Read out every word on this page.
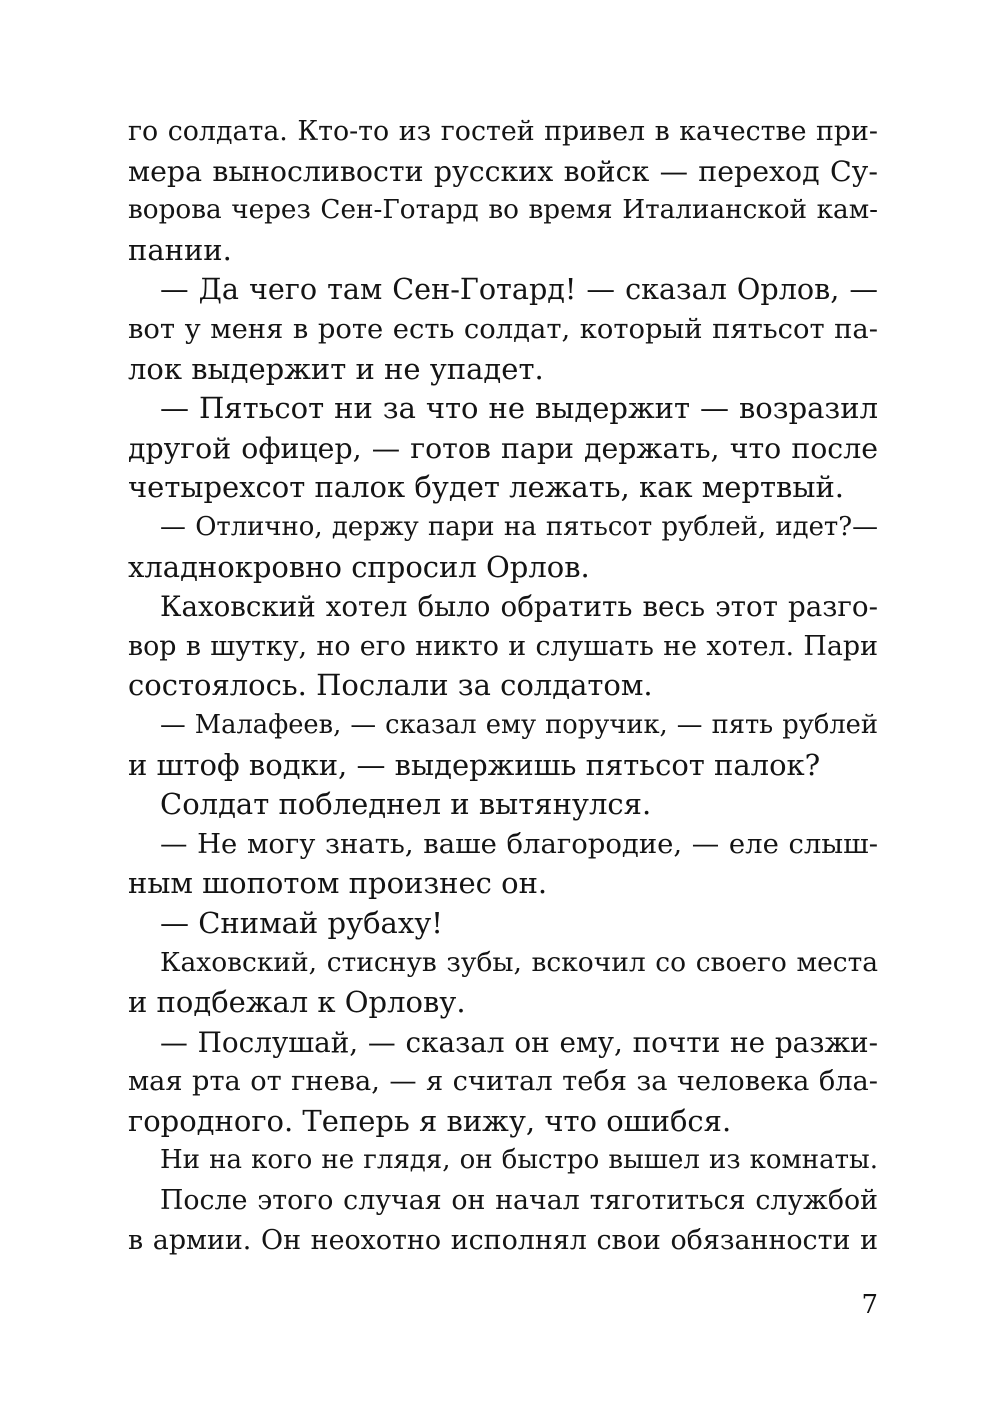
го солдата. Кто-то из гостей привел в качестве при-
мера выносливости русских войск — переход Су-
ворова через Сен-Готард во время Италианской кам-
пании.
— Да чего там Сен-Готард! — сказал Орлов, —
вот у меня в роте есть солдат, который пятьсот па-
лок выдержит и не упадет.
— Пятьсот ни за что не выдержит — возразил
другой офицер, — готов пари держать, что после
четырехсот палок будет лежать, как мертвый.
— Отлично, держу пари на пятьсот рублей, идет?—
хладнокровно спросил Орлов.
Каховский хотел было обратить весь этот разго-
вор в шутку, но его никто и слушать не хотел. Пари
состоялось. Послали за солдатом.
— Малафеев, — сказал ему поручик, — пять рублей
и штоф водки, — выдержишь пятьсот палок?
Солдат побледнел и вытянулся.
— Не могу знать, ваше благородие, — еле слыш-
ным шопотом произнес он.
— Снимай рубаху!
Каховский, стиснув зубы, вскочил со своего места
и подбежал к Орлову.
— Послушай, — сказал он ему, почти не разжи-
мая рта от гнева, — я считал тебя за человека бла-
городного. Теперь я вижу, что ошибся.
Ни на кого не глядя, он быстро вышел из комнаты.
После этого случая он начал тяготиться службой
в армии. Он неохотно исполнял свои обязанности и
7
